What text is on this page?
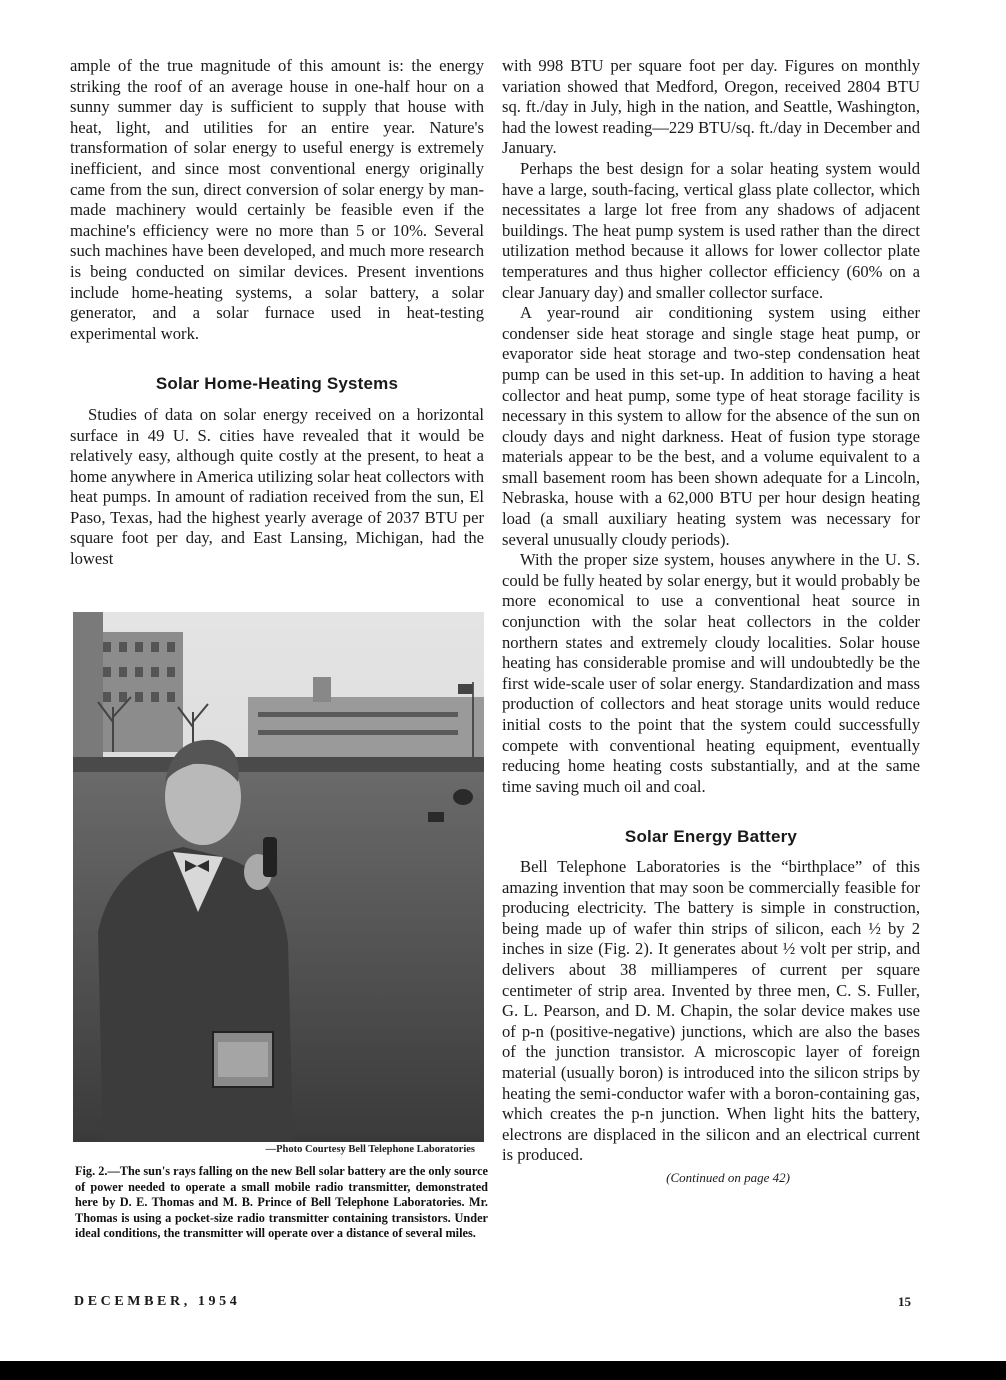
ample of the true magnitude of this amount is: the energy striking the roof of an average house in one-half hour on a sunny summer day is sufficient to supply that house with heat, light, and utilities for an entire year. Nature's transformation of solar energy to useful energy is extremely inefficient, and since most conventional energy originally came from the sun, direct conversion of solar energy by man-made machinery would certainly be feasible even if the machine's efficiency were no more than 5 or 10%. Several such machines have been developed, and much more research is being conducted on similar devices. Present inventions include home-heating systems, a solar battery, a solar generator, and a solar furnace used in heat-testing experimental work.

Solar Home-Heating Systems

Studies of data on solar energy received on a horizontal surface in 49 U. S. cities have revealed that it would be relatively easy, although quite costly at the present, to heat a home anywhere in America utilizing solar heat collectors with heat pumps. In amount of radiation received from the sun, El Paso, Texas, had the highest yearly average of 2037 BTU per square foot per day, and East Lansing, Michigan, had the lowest

—Photo Courtesy Bell Telephone Laboratories
Fig. 2.—The sun's rays falling on the new Bell solar battery are the only source of power needed to operate a small mobile radio transmitter, demonstrated here by D. E. Thomas and M. B. Prince of Bell Telephone Laboratories. Mr. Thomas is using a pocket-size radio transmitter containing transistors. Under ideal conditions, the transmitter will operate over a distance of several miles.

with 998 BTU per square foot per day. Figures on monthly variation showed that Medford, Oregon, received 2804 BTU sq. ft./day in July, high in the nation, and Seattle, Washington, had the lowest reading—229 BTU/sq. ft./day in December and January.

Perhaps the best design for a solar heating system would have a large, south-facing, vertical glass plate collector, which necessitates a large lot free from any shadows of adjacent buildings. The heat pump system is used rather than the direct utilization method because it allows for lower collector plate temperatures and thus higher collector efficiency (60% on a clear January day) and smaller collector surface.

A year-round air conditioning system using either condenser side heat storage and single stage heat pump, or evaporator side heat storage and two-step condensation heat pump can be used in this set-up. In addition to having a heat collector and heat pump, some type of heat storage facility is necessary in this system to allow for the absence of the sun on cloudy days and night darkness. Heat of fusion type storage materials appear to be the best, and a volume equivalent to a small basement room has been shown adequate for a Lincoln, Nebraska, house with a 62,000 BTU per hour design heating load (a small auxiliary heating system was necessary for several unusually cloudy periods).

With the proper size system, houses anywhere in the U. S. could be fully heated by solar energy, but it would probably be more economical to use a conventional heat source in conjunction with the solar heat collectors in the colder northern states and extremely cloudy localities. Solar house heating has considerable promise and will undoubtedly be the first wide-scale user of solar energy. Standardization and mass production of collectors and heat storage units would reduce initial costs to the point that the system could successfully compete with conventional heating equipment, eventually reducing home heating costs substantially, and at the same time saving much oil and coal.

Solar Energy Battery

Bell Telephone Laboratories is the “birthplace” of this amazing invention that may soon be commercially feasible for producing electricity. The battery is simple in construction, being made up of wafer thin strips of silicon, each ½ by 2 inches in size (Fig. 2). It generates about ½ volt per strip, and delivers about 38 milliamperes of current per square centimeter of strip area. Invented by three men, C. S. Fuller, G. L. Pearson, and D. M. Chapin, the solar device makes use of p-n (positive-negative) junctions, which are also the bases of the junction transistor. A microscopic layer of foreign material (usually boron) is introduced into the silicon strips by heating the semi-conductor wafer with a boron-containing gas, which creates the p-n junction. When light hits the battery, electrons are displaced in the silicon and an electrical current is produced.

(Continued on page 42)
DECEMBER, 1954	15
